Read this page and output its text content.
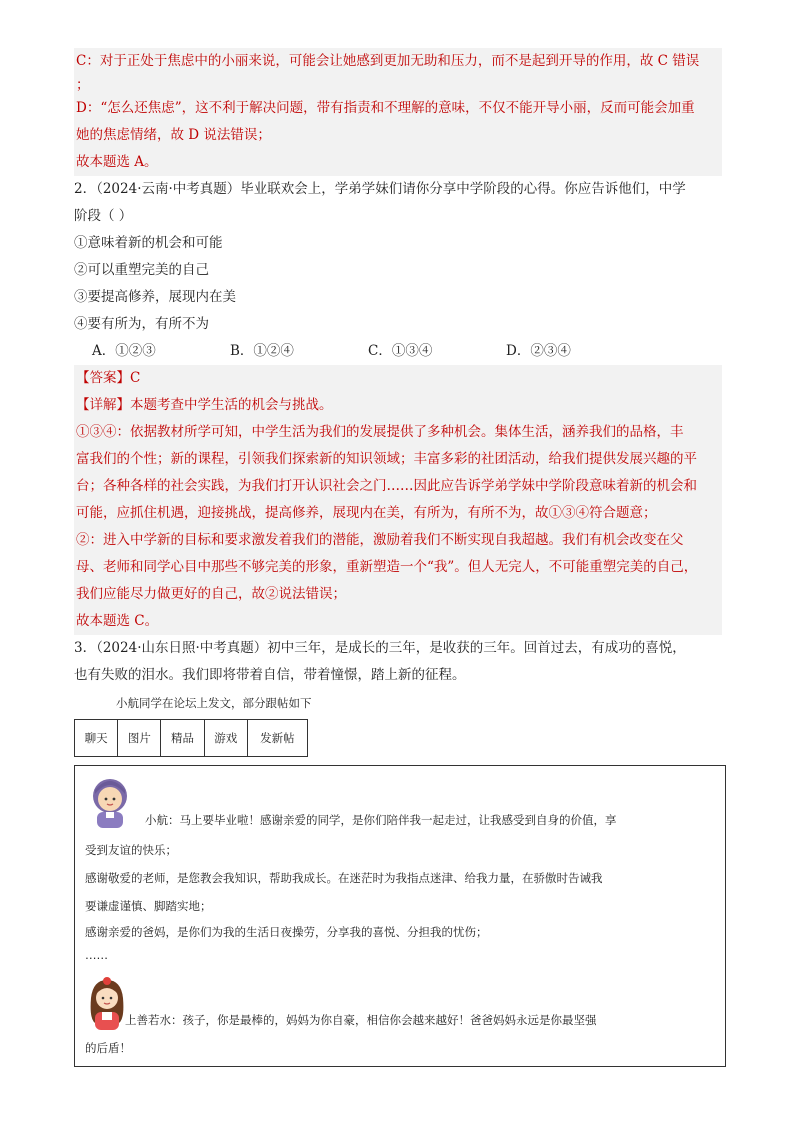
C：对于正处于焦虑中的小丽来说，可能会让她感到更加无助和压力，而不是起到开导的作用，故 C 错误
；
D：“怎么还焦虑”，这不利于解决问题，带有指责和不理解的意味，不仅不能开导小丽，反而可能会加重
她的焦虑情绪，故 D 说法错误；
故本题选 A。
2．（2024·云南·中考真题）毕业联欢会上，学弟学妹们请你分享中学阶段的心得。你应告诉他们，中学
阶段（ ）
①意味着新的机会和可能
②可以重塑完美的自己
③要提高修养，展现内在美
④要有所为，有所不为
A．①②③	B．①②④	C．①③④	D．②③④
【答案】C
【详解】本题考查中学生活的机会与挑战。
①③④：依据教材所学可知，中学生活为我们的发展提供了多种机会。集体生活，涵养我们的品格，丰
富我们的个性；新的课程，引领我们探索新的知识领域；丰富多彩的社团活动，给我们提供发展兴趣的平
台；各种各样的社会实践，为我们打开认识社会之门……因此应告诉学弟学妹中学阶段意味着新的机会和
可能，应抓住机遇，迎接挑战，提高修养，展现内在美，有所为，有所不为，故①③④符合题意；
②：进入中学新的目标和要求激发着我们的潜能，激励着我们不断实现自我超越。我们有机会改变在父
母、老师和同学心目中那些不够完美的形象，重新塑造一个“我”。但人无完人，不可能重塑完美的自己，
我们应能尽力做更好的自己，故②说法错误；
故本题选 C。
3．（2024·山东日照·中考真题）初中三年，是成长的三年，是收获的三年。回首过去，有成功的喜悦，
也有失败的泪水。我们即将带着自信，带着憧憬，踏上新的征程。
小航同学在论坛上发文，部分跟帖如下
聊天	图片	精品	游戏	发新帖
小航：马上要毕业啦！感谢亲爱的同学，是你们陪伴我一起走过，让我感受到自身的价值，享
受到友谊的快乐；
感谢敬爱的老师，是您教会我知识，帮助我成长。在迷茫时为我指点迷津、给我力量，在骄傲时告诫我
要谦虚谨慎、脚踏实地；
感谢亲爱的爸妈，是你们为我的生活日夜操劳，分享我的喜悦、分担我的忧伤；
……
上善若水：孩子，你是最棒的，妈妈为你自豪，相信你会越来越好！爸爸妈妈永远是你最坚强
的后盾！
